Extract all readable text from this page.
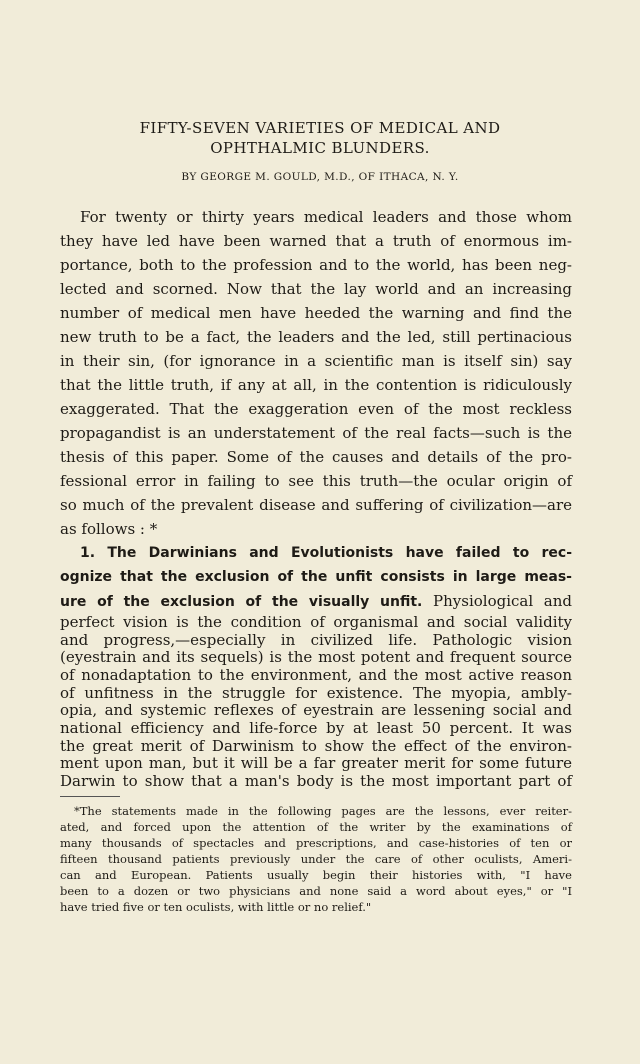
FIFTY-SEVEN VARIETIES OF MEDICAL AND
OPHTHALMIC BLUNDERS.
BY GEORGE M. GOULD, M.D., OF ITHACA, N. Y.
For twenty or thirty years medical leaders and those whom
they have led have been warned that a truth of enormous im-
portance, both to the profession and to the world, has been neg-
lected and scorned. Now that the lay world and an increasing
number of medical men have heeded the warning and find the
new truth to be a fact, the leaders and the led, still pertinacious
in their sin, (for ignorance in a scientific man is itself sin) say
that the little truth, if any at all, in the contention is ridiculously
exaggerated. That the exaggeration even of the most reckless
propagandist is an understatement of the real facts—such is the
thesis of this paper. Some of the causes and details of the pro-
fessional error in failing to see this truth—the ocular origin of
so much of the prevalent disease and suffering of civilization—are
as follows : *
1. The Darwinians and Evolutionists have failed to rec-
ognize that the exclusion of the unfit consists in large meas-
ure of the exclusion of the visually unfit. Physiological and
perfect vision is the condition of organismal and social validity
and progress,—especially in civilized life. Pathologic vision
(eyestrain and its sequels) is the most potent and frequent source
of nonadaptation to the environment, and the most active reason
of unfitness in the struggle for existence. The myopia, ambly-
opia, and systemic reflexes of eyestrain are lessening social and
national efficiency and life-force by at least 50 percent. It was
the great merit of Darwinism to show the effect of the environ-
ment upon man, but it will be a far greater merit for some future
Darwin to show that a man's body is the most important part of
*The statements made in the following pages are the lessons, ever reiter-
ated, and forced upon the attention of the writer by the examinations of
many thousands of spectacles and prescriptions, and case-histories of ten or
fifteen thousand patients previously under the care of other oculists, Ameri-
can and European. Patients usually begin their histories with, "I have
been to a dozen or two physicians and none said a word about eyes," or "I
have tried five or ten oculists, with little or no relief."
